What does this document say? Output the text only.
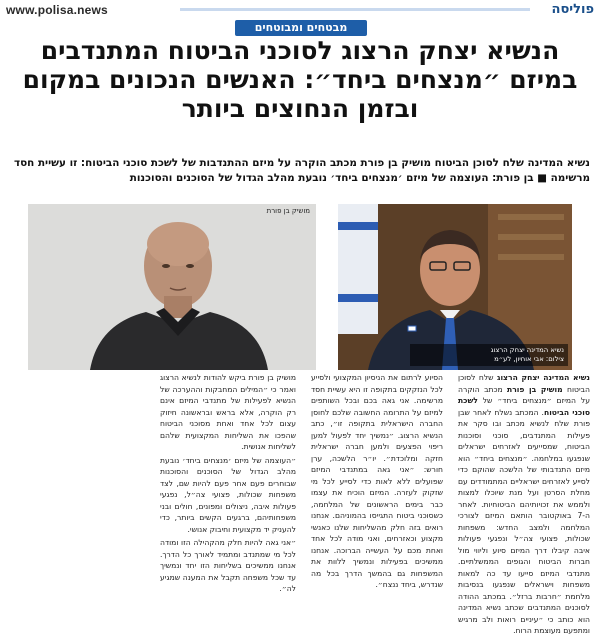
www.polisa.news	פוליסה
מבטחים ומבוטחים
הנשיא יצחק הרצוג לסוכני הביטוח המתנדבים במיזם ״מנצחים ביחד״: האנשים הנכונים במקום ובזמן הנחוצים ביותר

נשיא המדינה שלח לסוכן הביטוח מושיק בן פורת מכתב הוקרה על מיזם ההתנדבות של לשכת סוכני הביטוח: זו עשיית חסד מרשימה ■ בן פורת: העוצמה של מיזם ׳מנצחים ביחד׳ נובעת מהלב הגדול של הסוכנים והסוכנות

מושיק בן פורת
נשיא המדינה יצחק הרצוג
צילום: אבי אוחיון, לע״מ

נשיא המדינה יצחק הרצוג שלח לסוכן הביטוח מושיק בן פורת מכתב הוקרה על המיזם ״מנצחים ביחד״ של לשכת סוכני הביטוח. המכתב נשלח לאחר שבן פורת שלח לנשיא מכתב ובו סקר את פעילות המתנדבים, סוכני וסוכנות הביטוח, שמסייעים לאזרחים ישראלים שנפגעו במלחמה. ״מנצחים ביחד״ הוא מיזם התנדבותי של הלשכה שהוקם כדי לסייע לאזרחים ישראליים המתמודדים עם מחלת הסרטן ועל מנת שיוכלו למצות ולממש את זכויותיהם הביטוחיות. לאחר ה-7 באוקטובר הותאם המיזם לצורכי המלחמה ולמצב החדש: משפחות שכולות, פצועי צה״ל ונפגעי פעולות איבה קיבלו דרך המיזם סיוע וליווי מול חברות הביטוח והגופים הממשלתיים. מתנדבי המיזם סייעו עד כה למאות משפחות וישראלים שנפגעו בנסיבות מלחמת ״חרבות ברזל״. במכתב ההודה לסוכנים המתנדבים שכתב נשיא המדינה הוא כותב כי ״עיניים רואות ולב מרגיש ומתפעם מעוצמת הרוח.

הסיוע לרתום את הניסיון המקצועי ולסייע לכל הנזקקים בתקופה זו היא עשיית חסד מרשימה. אני גאה בכם ובכל השותפים למיזם על התרומה החשובה שלכם לחוסן החברה הישראלית בתקופה זו״, כתב הנשיא הרצוג. ״נמשיך יחד לפעול למען ריפוי הפצעים ולמען חברה ישראלית חזקה ומלוכדת״. יו״ר הלשכה, ערן חורש: ״אני גאה במתנדבי המיזם שפועלים ללא לאות כדי לסייע לכל מי שזקוק לעזרה. המיזם הוכיח את עצמו כבר בימים הראשונים של המלחמה, כשסוכני ביטוח התגייסו בהמוניהם. אנחנו רואים בזה חלק מהשליחות שלנו כאנשי מקצוע וכאזרחים, ואני מודה לכל אחד ואחת מכם על העשייה הברוכה. אנחנו ממשיכים בפעילות ונמשיך ללוות את המשפחות גם בהמשך הדרך בכל מה שנדרש, ביחד ננצח״.

מושיק בן פורת ביקש להודות לנשיא הרצוג ואמר כי ״המילים המחבקות וההערכה של הנשיא לפעילות של מתנדבי המיזם אינם רק הוקרה, אלא בראש ובראשונה חיזוק עצום לכל אחד ואחת מסוכני הביטוח שהפכו את השליחות המקצועית שלהם לשליחות אנושית.

״העוצמה של מיזם ׳מנצחים ביחד׳ נובעת מהלב הגדול של הסוכנים והסוכנות שבוחרים פעם אחר פעם להיות שם, לצד משפחות שכולות, פצועי צה״ל, נפגעי פעולות איבה, ניצולים ומפונים, חולים ובני משפחותיהם, ברגעים הקשים ביותר, כדי להעניק יד מקצועית וחיבוק אנושי.

״אני גאה להיות חלק מהקהילה הזו ומודה לכל מי שמתנדב ומתמיד לאורך כל הדרך. אנחנו ממשיכים בשליחות הזו יחד ונמשיך עד שכל משפחה תקבל את המענה שמגיע לה״.
